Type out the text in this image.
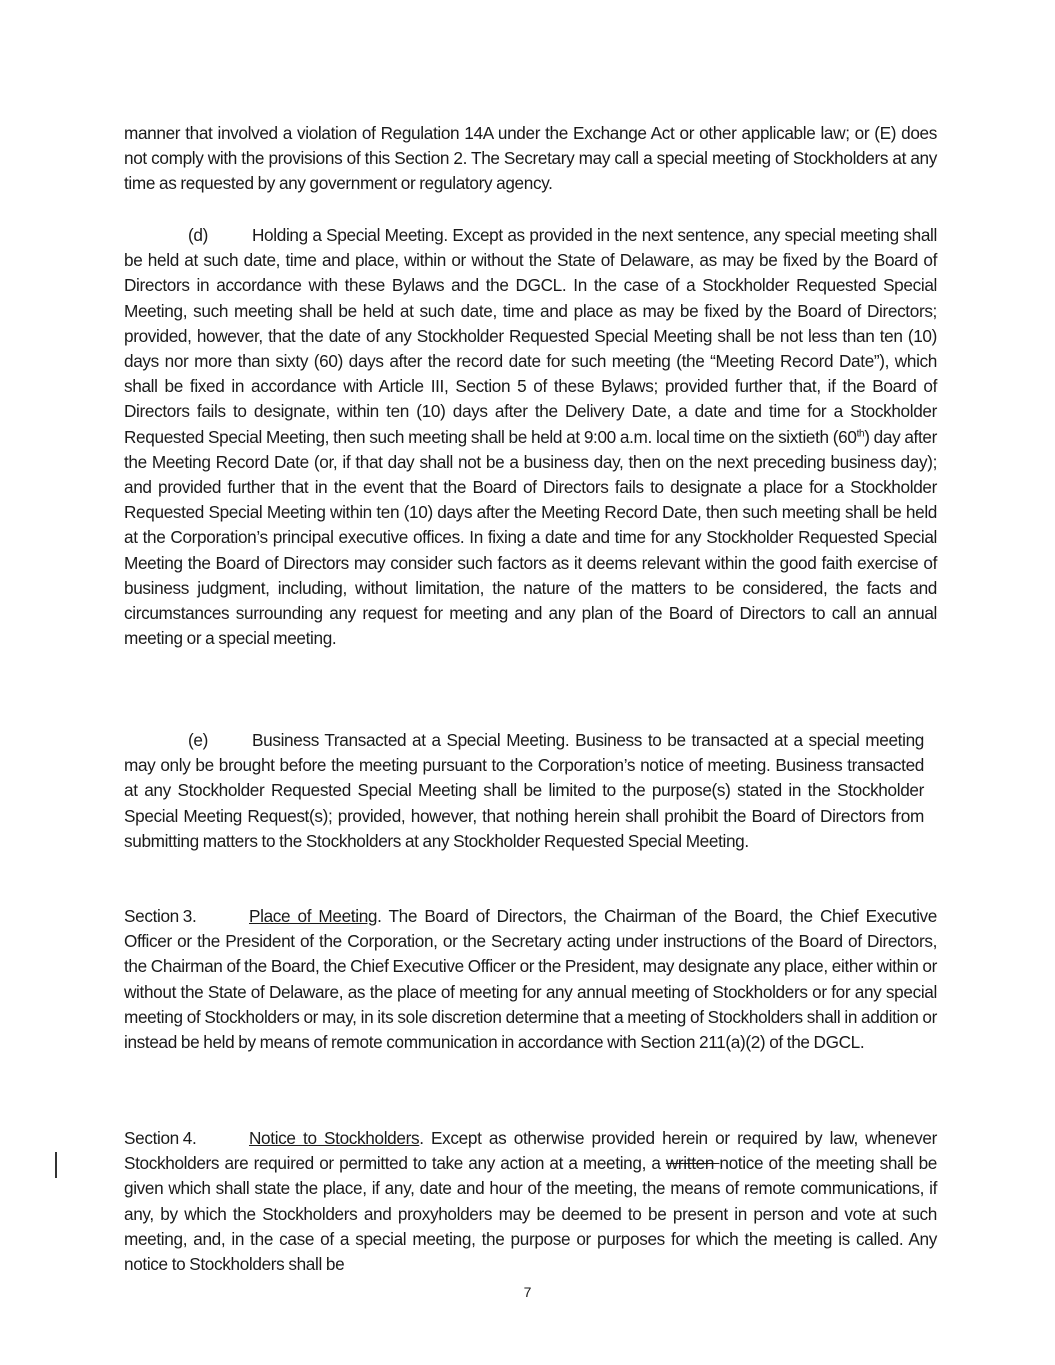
manner that involved a violation of Regulation 14A under the Exchange Act or other applicable law; or (E) does not comply with the provisions of this Section 2. The Secretary may call a special meeting of Stockholders at any time as requested by any government or regulatory agency.

(d)	Holding a Special Meeting. Except as provided in the next sentence, any special meeting shall be held at such date, time and place, within or without the State of Delaware, as may be fixed by the Board of Directors in accordance with these Bylaws and the DGCL. In the case of a Stockholder Requested Special Meeting, such meeting shall be held at such date, time and place as may be fixed by the Board of Directors; provided, however, that the date of any Stockholder Requested Special Meeting shall be not less than ten (10) days nor more than sixty (60) days after the record date for such meeting (the “Meeting Record Date”), which shall be fixed in accordance with Article III, Section 5 of these Bylaws; provided further that, if the Board of Directors fails to designate, within ten (10) days after the Delivery Date, a date and time for a Stockholder Requested Special Meeting, then such meeting shall be held at 9:00 a.m. local time on the sixtieth (60th) day after the Meeting Record Date (or, if that day shall not be a business day, then on the next preceding business day); and provided further that in the event that the Board of Directors fails to designate a place for a Stockholder Requested Special Meeting within ten (10) days after the Meeting Record Date, then such meeting shall be held at the Corporation’s principal executive offices. In fixing a date and time for any Stockholder Requested Special Meeting the Board of Directors may consider such factors as it deems relevant within the good faith exercise of business judgment, including, without limitation, the nature of the matters to be considered, the facts and circumstances surrounding any request for meeting and any plan of the Board of Directors to call an annual meeting or a special meeting.

(e)	Business Transacted at a Special Meeting. Business to be transacted at a special meeting may only be brought before the meeting pursuant to the Corporation’s notice of meeting. Business transacted at any Stockholder Requested Special Meeting shall be limited to the purpose(s) stated in the Stockholder Special Meeting Request(s); provided, however, that nothing herein shall prohibit the Board of Directors from submitting matters to the Stockholders at any Stockholder Requested Special Meeting.

Section 3.	Place of Meeting. The Board of Directors, the Chairman of the Board, the Chief Executive Officer or the President of the Corporation, or the Secretary acting under instructions of the Board of Directors, the Chairman of the Board, the Chief Executive Officer or the President, may designate any place, either within or without the State of Delaware, as the place of meeting for any annual meeting of Stockholders or for any special meeting of Stockholders or may, in its sole discretion determine that a meeting of Stockholders shall in addition or instead be held by means of remote communication in accordance with Section 211(a)(2) of the DGCL.

Section 4.	Notice to Stockholders. Except as otherwise provided herein or required by law, whenever Stockholders are required or permitted to take any action at a meeting, a written notice of the meeting shall be given which shall state the place, if any, date and hour of the meeting, the means of remote communications, if any, by which the Stockholders and proxyholders may be deemed to be present in person and vote at such meeting, and, in the case of a special meeting, the purpose or purposes for which the meeting is called. Any notice to Stockholders shall be

7
